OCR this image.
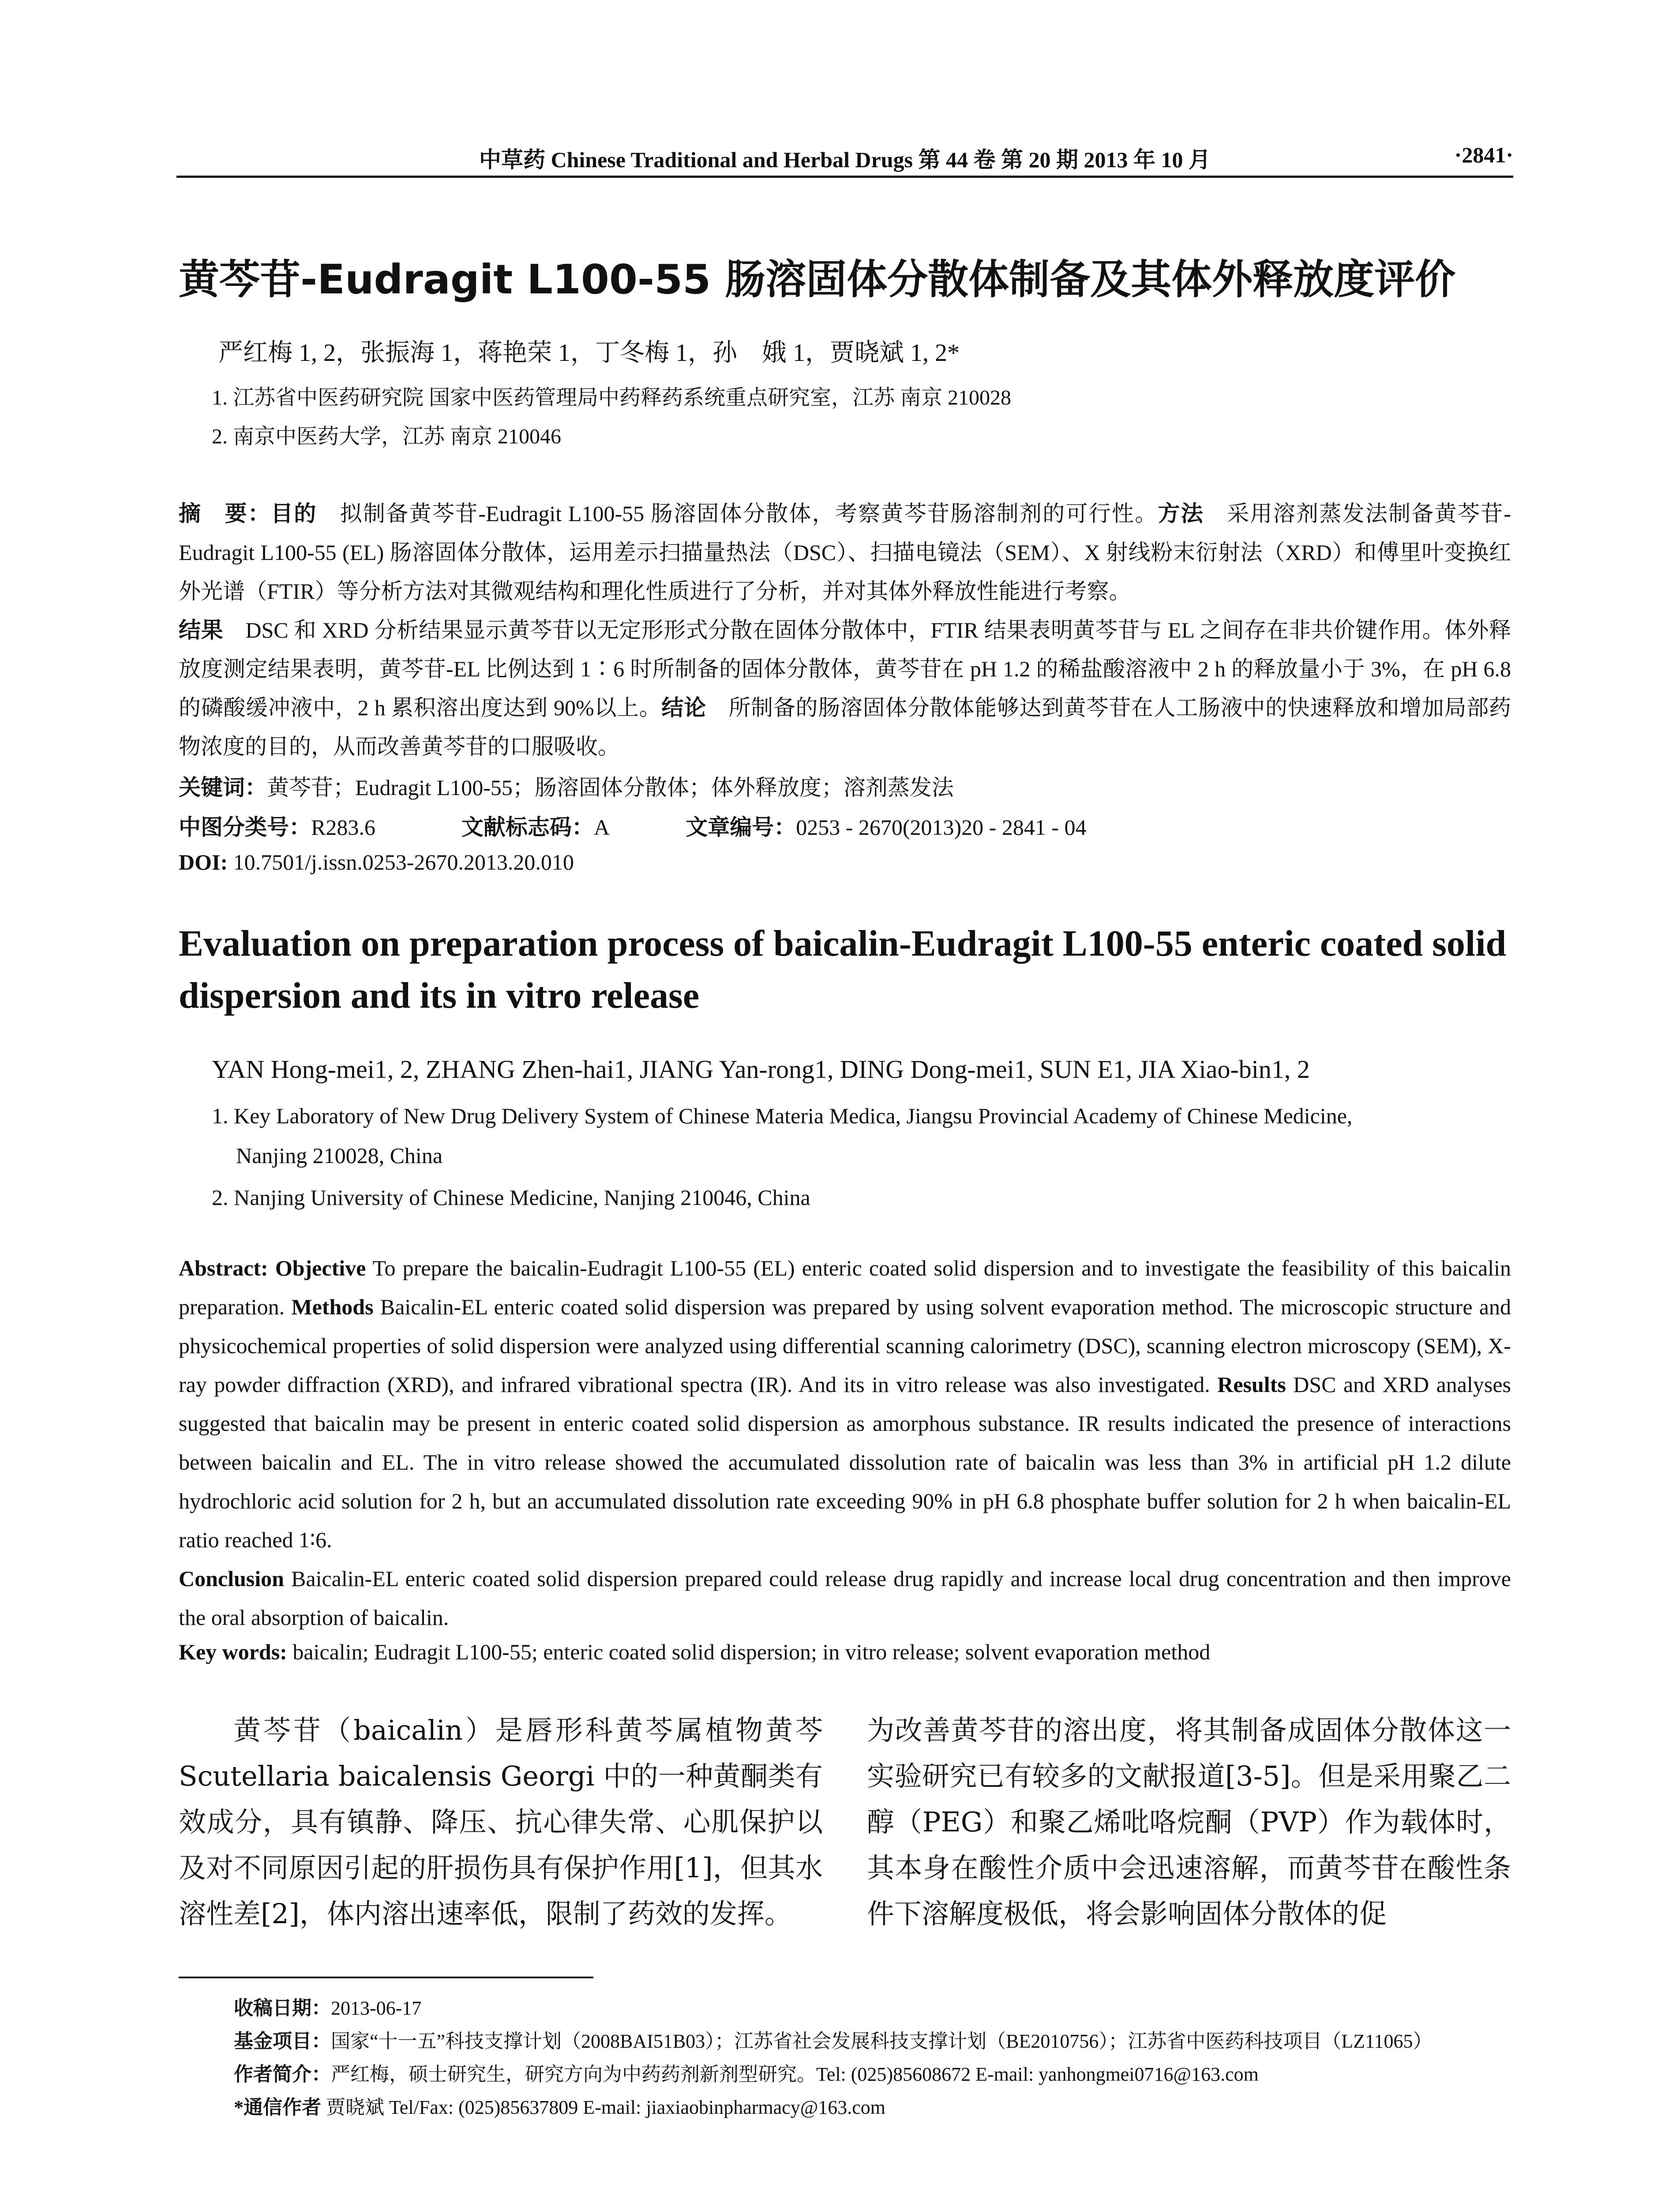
中草药 Chinese Traditional and Herbal Drugs 第 44 卷 第 20 期 2013 年 10 月	·2841·
黄芩苷-Eudragit L100-55 肠溶固体分散体制备及其体外释放度评价
严红梅 1, 2，张振海 1，蒋艳荣 1，丁冬梅 1，孙　娥 1，贾晓斌 1, 2*
1. 江苏省中医药研究院 国家中医药管理局中药释药系统重点研究室，江苏 南京 210028
2. 南京中医药大学，江苏 南京 210046
摘　要：目的　拟制备黄芩苷-Eudragit L100-55 肠溶固体分散体，考察黄芩苷肠溶制剂的可行性。方法　采用溶剂蒸发法制备黄芩苷-Eudragit L100-55 (EL) 肠溶固体分散体，运用差示扫描量热法（DSC）、扫描电镜法（SEM）、X 射线粉末衍射法（XRD）和傅里叶变换红外光谱（FTIR）等分析方法对其微观结构和理化性质进行了分析，并对其体外释放性能进行考察。
结果　DSC 和 XRD 分析结果显示黄芩苷以无定形形式分散在固体分散体中，FTIR 结果表明黄芩苷与 EL 之间存在非共价键作用。体外释放度测定结果表明，黄芩苷-EL 比例达到 1∶6 时所制备的固体分散体，黄芩苷在 pH 1.2 的稀盐酸溶液中 2 h 的释放量小于 3%，在 pH 6.8 的磷酸缓冲液中，2 h 累积溶出度达到 90%以上。结论　所制备的肠溶固体分散体能够达到黄芩苷在人工肠液中的快速释放和增加局部药物浓度的目的，从而改善黄芩苷的口服吸收。
关键词：黄芩苷；Eudragit L100-55；肠溶固体分散体；体外释放度；溶剂蒸发法
中图分类号：R283.6	文献标志码：A	文章编号：0253 - 2670(2013)20 - 2841 - 04
DOI: 10.7501/j.issn.0253-2670.2013.20.010
Evaluation on preparation process of baicalin-Eudragit L100-55 enteric coated solid dispersion and its in vitro release
YAN Hong-mei1, 2, ZHANG Zhen-hai1, JIANG Yan-rong1, DING Dong-mei1, SUN E1, JIA Xiao-bin1, 2
1. Key Laboratory of New Drug Delivery System of Chinese Materia Medica, Jiangsu Provincial Academy of Chinese Medicine,
Nanjing 210028, China
2. Nanjing University of Chinese Medicine, Nanjing 210046, China
Abstract: Objective To prepare the baicalin-Eudragit L100-55 (EL) enteric coated solid dispersion and to investigate the feasibility of this baicalin preparation. Methods Baicalin-EL enteric coated solid dispersion was prepared by using solvent evaporation method. The microscopic structure and physicochemical properties of solid dispersion were analyzed using differential scanning calorimetry (DSC), scanning electron microscopy (SEM), X-ray powder diffraction (XRD), and infrared vibrational spectra (IR). And its in vitro release was also investigated. Results DSC and XRD analyses suggested that baicalin may be present in enteric coated solid dispersion as amorphous substance. IR results indicated the presence of interactions between baicalin and EL. The in vitro release showed the accumulated dissolution rate of baicalin was less than 3% in artificial pH 1.2 dilute hydrochloric acid solution for 2 h, but an accumulated dissolution rate exceeding 90% in pH 6.8 phosphate buffer solution for 2 h when baicalin-EL ratio reached 1∶6.
Conclusion Baicalin-EL enteric coated solid dispersion prepared could release drug rapidly and increase local drug concentration and then improve the oral absorption of baicalin.
Key words: baicalin; Eudragit L100-55; enteric coated solid dispersion; in vitro release; solvent evaporation method
黄芩苷（baicalin）是唇形科黄芩属植物黄芩 Scutellaria baicalensis Georgi 中的一种黄酮类有效成分，具有镇静、降压、抗心律失常、心肌保护以及对不同原因引起的肝损伤具有保护作用[1]，但其水溶性差[2]，体内溶出速率低，限制了药效的发挥。
为改善黄芩苷的溶出度，将其制备成固体分散体这一实验研究已有较多的文献报道[3-5]。但是采用聚乙二醇（PEG）和聚乙烯吡咯烷酮（PVP）作为载体时，其本身在酸性介质中会迅速溶解，而黄芩苷在酸性条件下溶解度极低，将会影响固体分散体的促
收稿日期：2013-06-17
基金项目：国家“十一五”科技支撑计划（2008BAI51B03）；江苏省社会发展科技支撑计划（BE2010756）；江苏省中医药科技项目（LZ11065）
作者简介：严红梅，硕士研究生，研究方向为中药药剂新剂型研究。Tel: (025)85608672 E-mail: yanhongmei0716@163.com
*通信作者 贾晓斌 Tel/Fax: (025)85637809 E-mail: jiaxiaobinpharmacy@163.com
